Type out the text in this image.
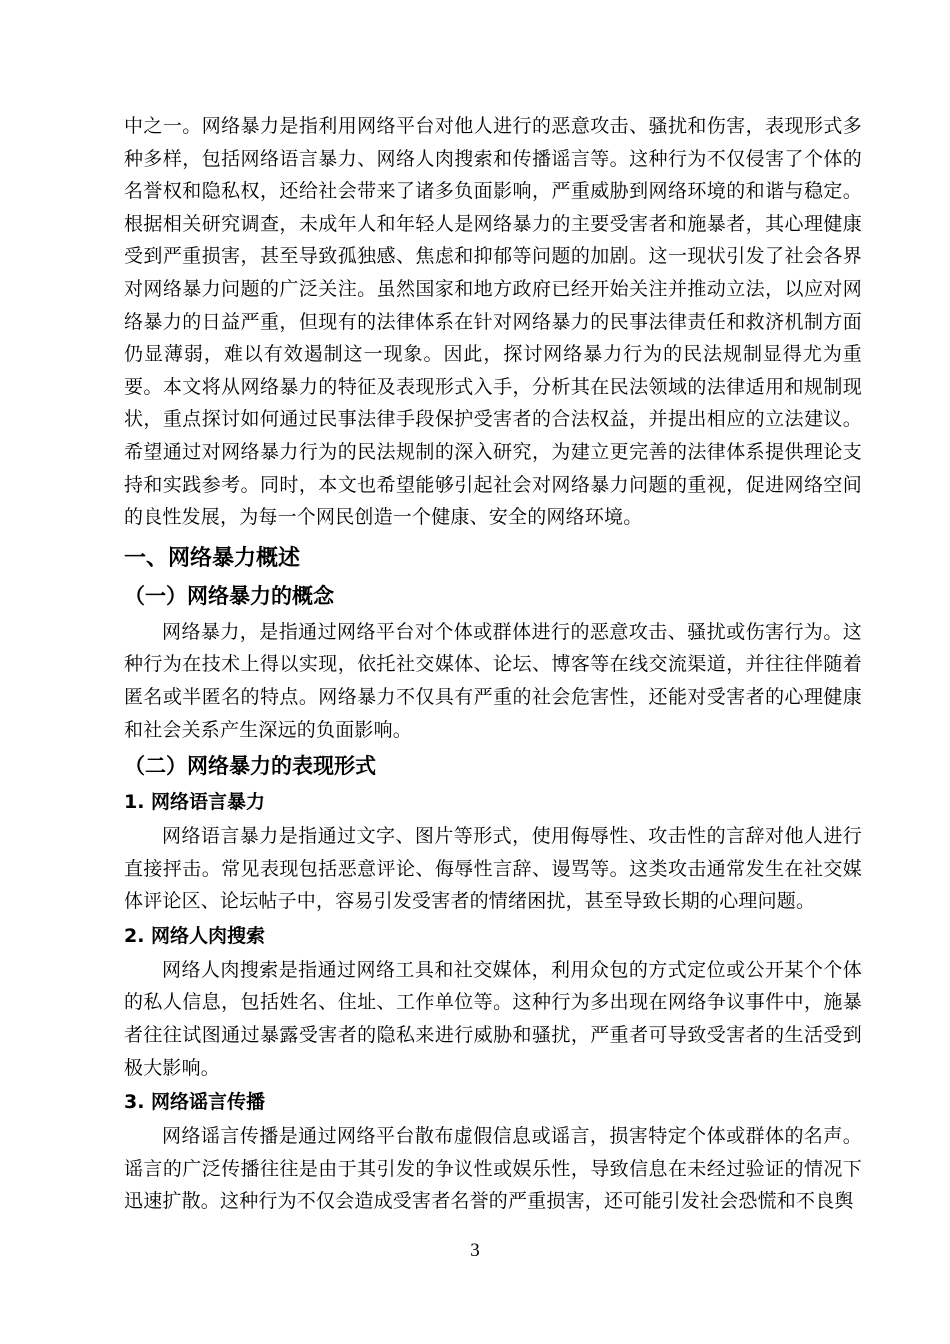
中之一。网络暴力是指利用网络平台对他人进行的恶意攻击、骚扰和伤害，表现形式多种多样，包括网络语言暴力、网络人肉搜索和传播谣言等。这种行为不仅侵害了个体的名誉权和隐私权，还给社会带来了诸多负面影响，严重威胁到网络环境的和谐与稳定。根据相关研究调查，未成年人和年轻人是网络暴力的主要受害者和施暴者，其心理健康受到严重损害，甚至导致孤独感、焦虑和抑郁等问题的加剧。这一现状引发了社会各界对网络暴力问题的广泛关注。虽然国家和地方政府已经开始关注并推动立法，以应对网络暴力的日益严重，但现有的法律体系在针对网络暴力的民事法律责任和救济机制方面仍显薄弱，难以有效遏制这一现象。因此，探讨网络暴力行为的民法规制显得尤为重要。本文将从网络暴力的特征及表现形式入手，分析其在民法领域的法律适用和规制现状，重点探讨如何通过民事法律手段保护受害者的合法权益，并提出相应的立法建议。希望通过对网络暴力行为的民法规制的深入研究，为建立更完善的法律体系提供理论支持和实践参考。同时，本文也希望能够引起社会对网络暴力问题的重视，促进网络空间的良性发展，为每一个网民创造一个健康、安全的网络环境。

一、网络暴力概述
（一）网络暴力的概念

网络暴力，是指通过网络平台对个体或群体进行的恶意攻击、骚扰或伤害行为。这种行为在技术上得以实现，依托社交媒体、论坛、博客等在线交流渠道，并往往伴随着匿名或半匿名的特点。网络暴力不仅具有严重的社会危害性，还能对受害者的心理健康和社会关系产生深远的负面影响。

（二）网络暴力的表现形式
1. 网络语言暴力

网络语言暴力是指通过文字、图片等形式，使用侮辱性、攻击性的言辞对他人进行直接抨击。常见表现包括恶意评论、侮辱性言辞、谩骂等。这类攻击通常发生在社交媒体评论区、论坛帖子中，容易引发受害者的情绪困扰，甚至导致长期的心理问题。

2. 网络人肉搜索

网络人肉搜索是指通过网络工具和社交媒体，利用众包的方式定位或公开某个个体的私人信息，包括姓名、住址、工作单位等。这种行为多出现在网络争议事件中，施暴者往往试图通过暴露受害者的隐私来进行威胁和骚扰，严重者可导致受害者的生活受到极大影响。

3. 网络谣言传播

网络谣言传播是通过网络平台散布虚假信息或谣言，损害特定个体或群体的名声。谣言的广泛传播往往是由于其引发的争议性或娱乐性，导致信息在未经过验证的情况下迅速扩散。这种行为不仅会造成受害者名誉的严重损害，还可能引发社会恐慌和不良舆

3
